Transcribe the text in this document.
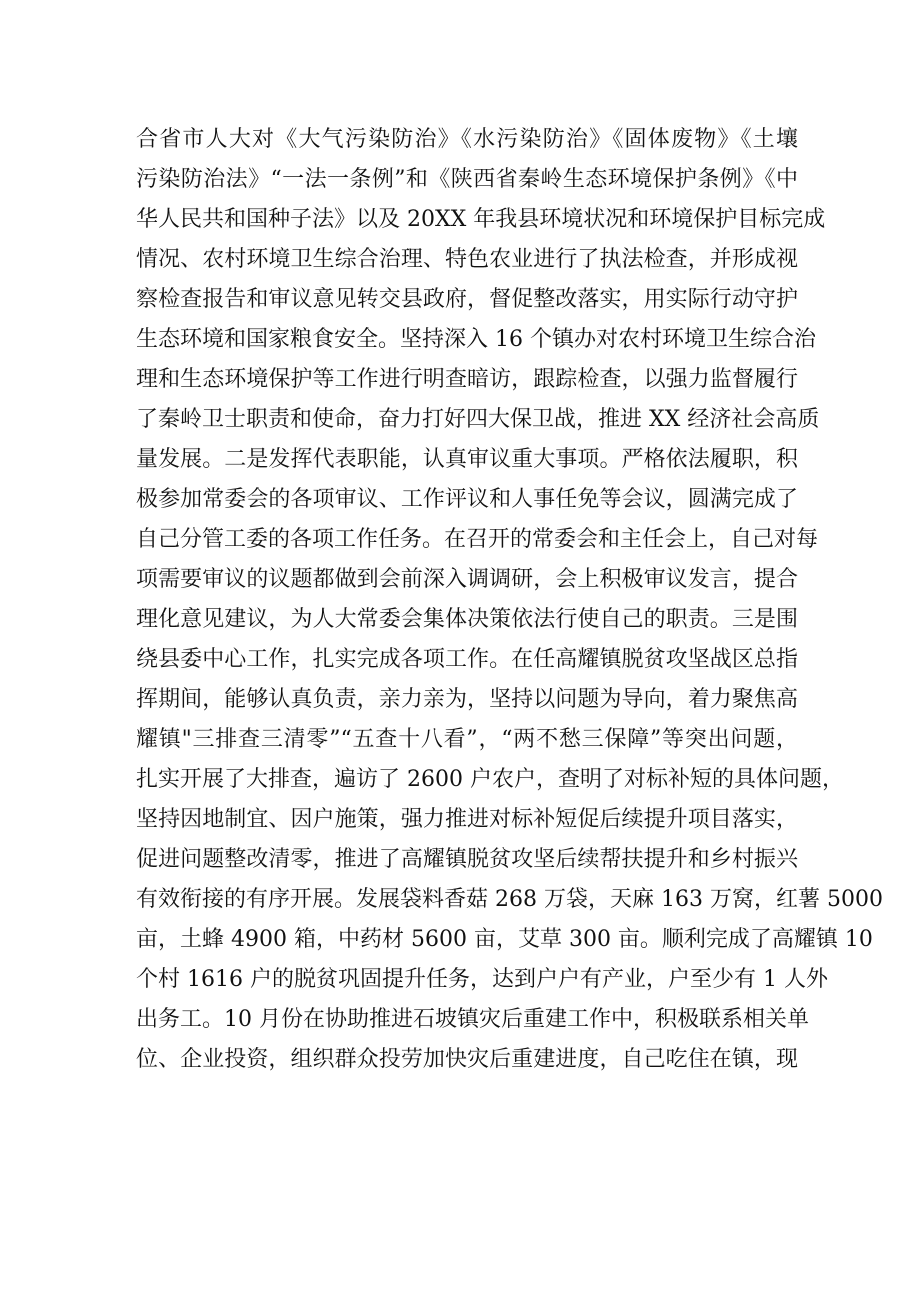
合省市人大对《大气污染防治》《水污染防治》《固体废物》《土壤
污染防治法》“一法一条例”和《陕西省秦岭生态环境保护条例》《中
华人民共和国种子法》以及 20XX 年我县环境状况和环境保护目标完成
情况、农村环境卫生综合治理、特色农业进行了执法检查，并形成视
察检查报告和审议意见转交县政府，督促整改落实，用实际行动守护
生态环境和国家粮食安全。坚持深入 16 个镇办对农村环境卫生综合治
理和生态环境保护等工作进行明查暗访，跟踪检查，以强力监督履行
了秦岭卫士职责和使命，奋力打好四大保卫战，推进 XX 经济社会高质
量发展。二是发挥代表职能，认真审议重大事项。严格依法履职，积
极参加常委会的各项审议、工作评议和人事任免等会议，圆满完成了
自己分管工委的各项工作任务。在召开的常委会和主任会上，自己对每
项需要审议的议题都做到会前深入调调研，会上积极审议发言，提合
理化意见建议，为人大常委会集体决策依法行使自己的职责。三是围
绕县委中心工作，扎实完成各项工作。在任高耀镇脱贫攻坚战区总指
挥期间，能够认真负责，亲力亲为，坚持以问题为导向，着力聚焦高
耀镇"三排查三清零”“五查十八看”，“两不愁三保障”等突出问题，
扎实开展了大排查，遍访了 2600 户农户，查明了对标补短的具体问题，
坚持因地制宜、因户施策，强力推进对标补短促后续提升项目落实，
促进问题整改清零，推进了高耀镇脱贫攻坚后续帮扶提升和乡村振兴
有效衔接的有序开展。发展袋料香菇 268 万袋，天麻 163 万窝，红薯 5000
亩，土蜂 4900 箱，中药材 5600 亩，艾草 300 亩。顺利完成了高耀镇 10
个村 1616 户的脱贫巩固提升任务，达到户户有产业，户至少有 1 人外
出务工。10 月份在协助推进石坡镇灾后重建工作中，积极联系相关单
位、企业投资，组织群众投劳加快灾后重建进度，自己吃住在镇，现
